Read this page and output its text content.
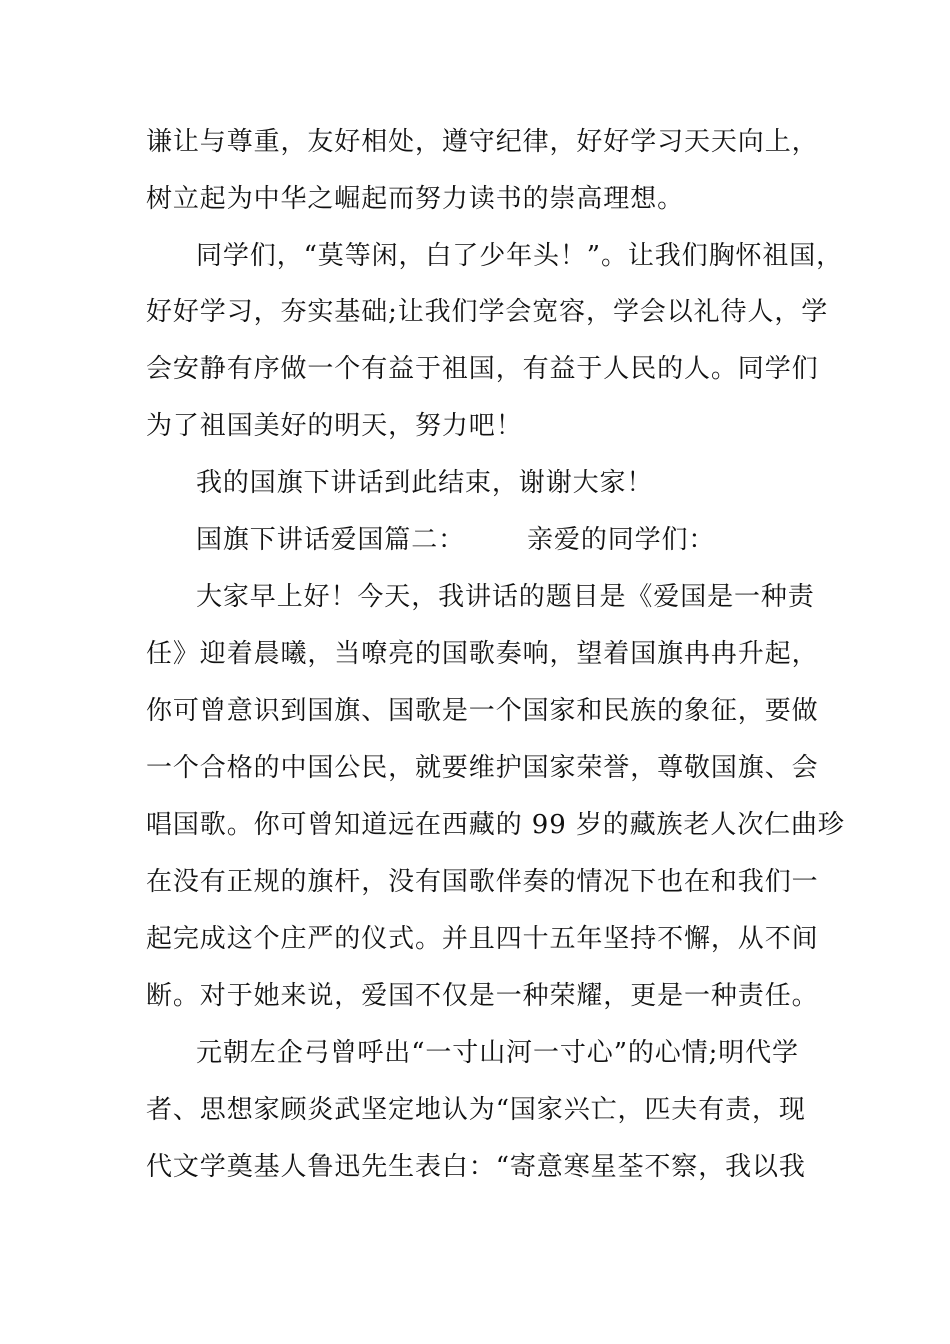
谦让与尊重，友好相处，遵守纪律，好好学习天天向上，
树立起为中华之崛起而努力读书的崇高理想。
同学们，“莫等闲，白了少年头！”。让我们胸怀祖国，
好好学习，夯实基础;让我们学会宽容，学会以礼待人，学
会安静有序做一个有益于祖国，有益于人民的人。同学们
为了祖国美好的明天，努力吧！
我的国旗下讲话到此结束，谢谢大家！
国旗下讲话爱国篇二： 亲爱的同学们：
大家早上好！今天，我讲话的题目是《爱国是一种责
任》迎着晨曦，当嘹亮的国歌奏响，望着国旗冉冉升起，
你可曾意识到国旗、国歌是一个国家和民族的象征，要做
一个合格的中国公民，就要维护国家荣誉，尊敬国旗、会
唱国歌。你可曾知道远在西藏的 99 岁的藏族老人次仁曲珍
在没有正规的旗杆，没有国歌伴奏的情况下也在和我们一
起完成这个庄严的仪式。并且四十五年坚持不懈，从不间
断。对于她来说，爱国不仅是一种荣耀，更是一种责任。
元朝左企弓曾呼出“一寸山河一寸心”的心情;明代学
者、思想家顾炎武坚定地认为“国家兴亡，匹夫有责，现
代文学奠基人鲁迅先生表白：“寄意寒星荃不察，我以我
